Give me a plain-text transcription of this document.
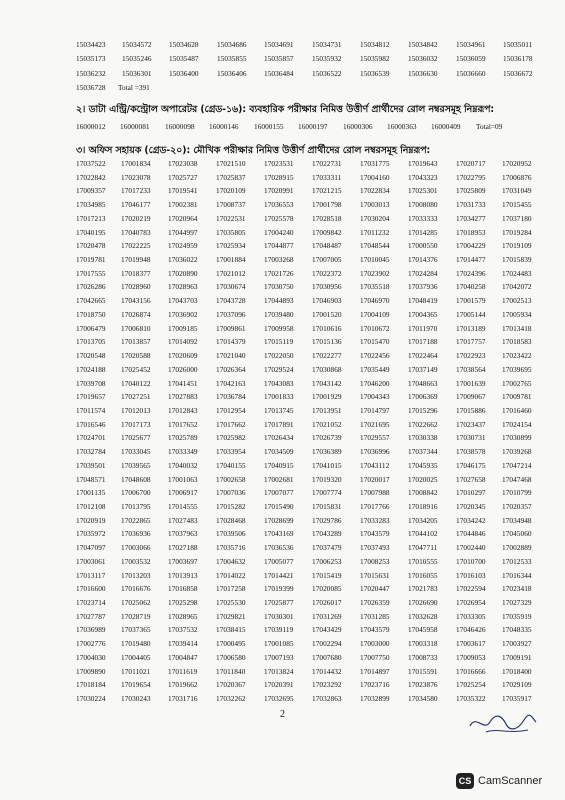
15034423 15034572 15034628	15034686 15034691	15034731	15034812	15034842	15034961 15035011
15035173 15035246 15035487	15035855 15035857	15035932	15035982	15036032	15036059 15036178
15036232 15036301 15036400	15036406 15036484	15036522	15036539	15036630	15036660 15036672
15036728 Total =391
২। ডাটা এন্ট্রি/কন্ট্রোল অপারেটর (গ্রেড-১৬): ব্যবহারিক পরীক্ষার নিমিত্ত উত্তীর্ণ প্রার্থীদের রোল নম্বরসমূহ নিম্নরূপ:
16000012 16000081 16000098 16000146 16000155 16000197 16000306 16000363 16000409 Total=09
৩। অফিস সহায়ক (গ্রেড-২০): মৌখিক পরীক্ষার নিমিত্ত উত্তীর্ণ প্রার্থীদের রোল নম্বরসমূহ নিম্নরূপ:
17037522 17001834 17023038	17021510	17023531	17022731	17031775	17019643	17020717 17020952
17022842 17023078 17025727	17025837	17028915	17033311	17004160	17043323	17022795 17006876
17009357 17017233 17019541	17020109	17020991	17021215	17022834	17025301	17025809 17031049
17034985 17046177 17002381	17008737	17036553	17001798	17003013	17008080	17031733 17015455
17017213 17020219 17020964	17022531	17025578	17028518	17030204	17033333	17034277 17037180
17040195 17040783 17044997	17035805	17004240	17009842	17011232	17014285	17018953 17019284
17020478 17022225 17024959	17025934	17044877	17048487	17048544	17000550	17004229 17019109
17019781 17019948 17036022	17001884	17003268	17007005	17010045	17014376	17014477 17015839
17017555 17018377 17020890	17021012	17021726	17022372	17023902	17024284	17024396 17024483
17026286 17028960 17028963	17030674	17030750	17030956	17035518	17037936	17040258 17042072
17042665 17043156 17043703	17043728	17044893	17046903	17046970	17048419	17001579 17002513
17018750 17026874 17036902	17037096	17039480	17001520	17004109	17004365	17005144 17005934
17006479 17006810 17009185	17009861	17009958	17010616	17010672	17011970	17013189 17013418
17013705 17013857 17014092	17014379	17015119	17015136	17015470	17017188	17017757 17018583
17020548 17020588 17020609	17021040	17022050	17022277	17022456	17022464	17022923 17023422
17024188 17025452 17026000	17026364	17029524	17030868	17035449	17037149	17038564 17039695
17039708 17040122 17041451	17042163	17043083	17043142	17046200	17048663	17001639 17002765
17019657 17027251 17027883	17036784	17001833	17001929	17004343	17006369	17009067 17009781
17011574 17012013 17012843	17012954	17013745	17013951	17014797	17015296	17015886 17016460
17016546 17017173 17017652	17017662	17017891	17021052	17021695	17022662	17023437 17024154
17024701 17025677 17025789	17025982	17026434	17026739	17029557	17030338	17030731 17030899
17032784 17033045 17033349	17033954	17034509	17036389	17036996	17037344	17038578 17039268
17039501 17039565 17040032	17040155	17040915	17041015	17043112	17045935	17046175 17047214
17048571 17048608 17001063	17002658	17002681	17019320	17020017	17020025	17027658 17047468
17001135 17006700 17006917	17007036	17007077	17007774	17007988	17008842	17010297 17010799
17012108 17013795 17014555	17015282	17015490	17015831	17017766	17018916	17020345 17020357
17020919 17022865 17027483	17028468	17028699	17029786	17033283	17034205	17034242 17034948
17035972 17036936 17037963	17039506	17043169	17043289	17043579	17044102	17044846 17045060
17047097 17003066 17027188	17035716	17036536	17037479	17037493	17047711	17002440 17002889
17003061 17003532 17003697	17004632	17005077	17006253	17008253	17010555	17010700 17012533
17013117 17013203 17013913	17014022	17014421	17015419	17015631	17016055	17016103 17016344
17016600 17016676 17016858	17017258	17019399	17020085	17020447	17021783	17022594 17023418
17023714 17025062 17025298	17025530	17025877	17026017	17026359	17026690	17026954 17027329
17027787 17028719 17028965	17029821	17030301	17031269	17031285	17032628	17033305 17035919
17036989 17037365 17037532	17038415	17039119	17043429	17043579	17045958	17046426 17048335
17002776 17019480 17039414	17000495	17001085	17002294	17003000	17003318	17003617 17003927
17004030 17004405 17004847	17006580	17007193	17007680	17007750	17008733	17009053 17009191
17009890 17011021 17011619	17011840	17013824	17014432	17014897	17015591	17016666 17018400
17018184 17019654 17019662	17020367	17020391	17023292	17023716	17023876	17025254 17029109
17030224 17030243 17031716	17032262	17032695	17032863	17032899	17034580	17035322 17035917
2
CS CamScanner
